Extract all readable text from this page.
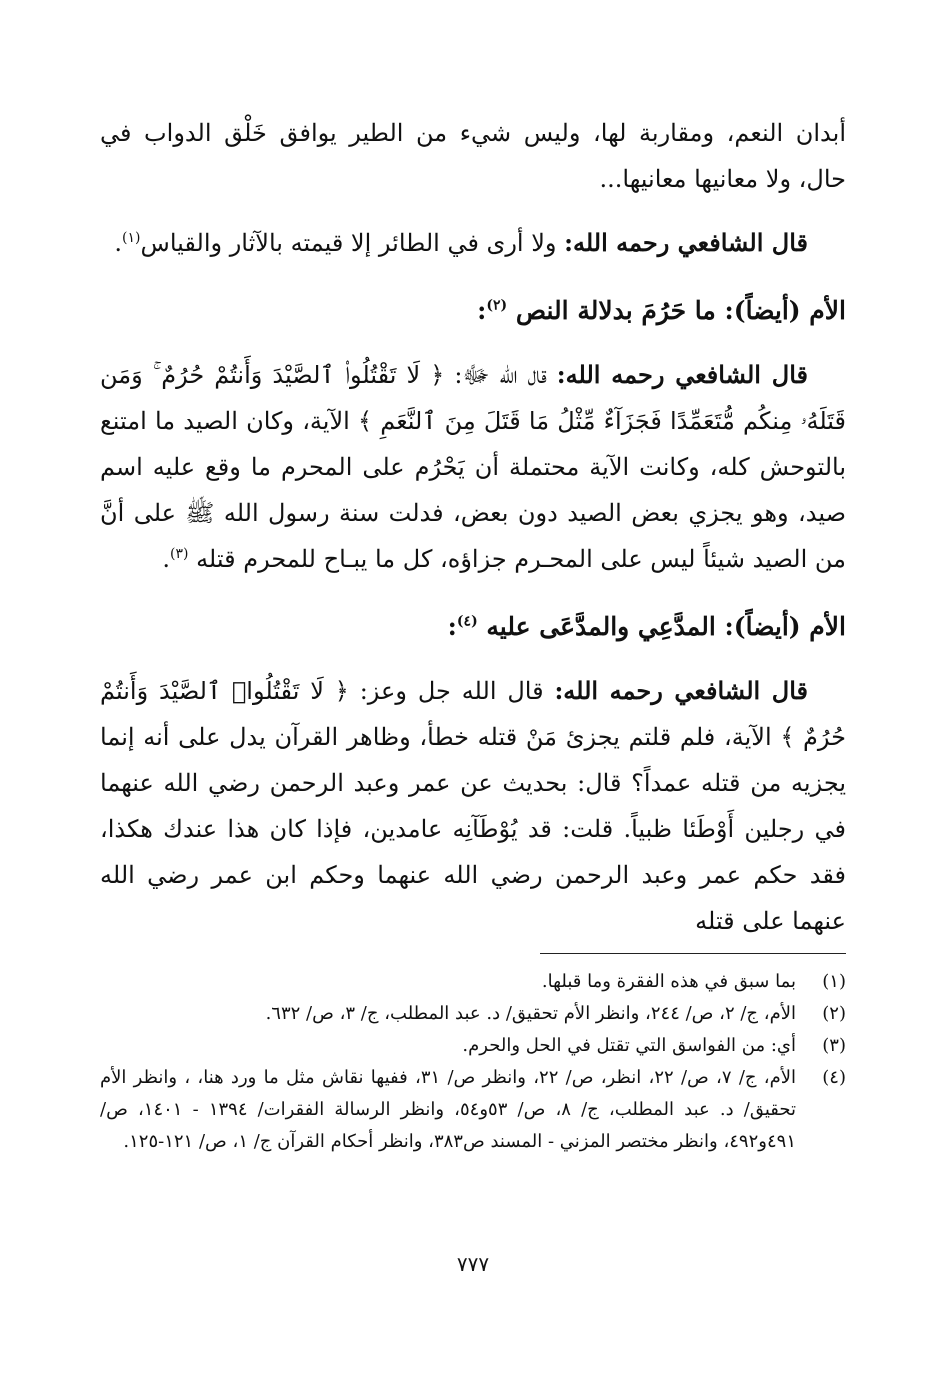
أبدان النعم، ومقاربة لها، وليس شيء من الطير يوافق خَلْق الدواب في حال، ولا معانيها معانيها...

قال الشافعي رحمه الله: ولا أرى في الطائر إلا قيمته بالآثار والقياس$^{(١)}$.

الأم (أيضاً): ما حَرُمَ بدلالة النص $^{(٢)}$:

قال الشافعي رحمه الله: قال الله ﷻ: ﴿ لَا تَقْتُلُوا۟ ٱلصَّيْدَ وَأَنتُمْ حُرُمٌ ۚ وَمَن قَتَلَهُۥ مِنكُم مُّتَعَمِّدًا فَجَزَآءٌ مِّثْلُ مَا قَتَلَ مِنَ ٱلنَّعَمِ ﴾ الآية، وكان الصيد ما امتنع بالتوحش كله، وكانت الآية محتملة أن يَحْرُم على المحرم ما وقع عليه اسم صيد، وهو يجزي بعض الصيد دون بعض، فدلت سنة رسول الله ﷺ على أنَّ من الصيد شيئاً ليس على المحـرم جزاؤه، كل ما يبـاح للمحرم قتله $^{(٣)}$.

الأم (أيضاً): المدَّعِي والمدَّعَى عليه $^{(٤)}$:

قال الشافعي رحمه الله: قال الله جل وعز: ﴿ لَا تَقْتُلُوا۟ ٱلصَّيْدَ وَأَنتُمْ حُرُمٌ ﴾ الآية، فلم قلتم يجزئ مَنْ قتله خطأ، وظاهر القرآن يدل على أنه إنما يجزيه من قتله عمداً؟ قال: بحديث عن عمر وعبد الرحمن رضي الله عنهما في رجلين أَوْطَئا ظبياً. قلت: قد يُوْطَآنِه عامدين، فإذا كان هذا عندك هكذا، فقد حكم عمر وعبد الرحمن رضي الله عنهما وحكم ابن عمر رضي الله عنهما على قتله

(١)
بما سبق في هذه الفقرة وما قبلها.
(٢)
الأم، ج/ ٢، ص/ ٢٤٤، وانظر الأم تحقيق/ د. عبد المطلب، ج/ ٣، ص/ ٦٣٢.
(٣)
أي: من الفواسق التي تقتل في الحل والحرم.
(٤)
الأم، ج/ ٧، ص/ ٢٢، انظر، ص/ ٢٢، وانظر ص/ ٣١، ففيها نقاش مثل ما ورد هنا، ، وانظر الأم تحقيق/ د. عبد المطلب، ج/ ٨، ص/ ٥٣و٥٤، وانظر الرسالة الفقرات/ ١٣٩٤ - ١٤٠١، ص/ ٤٩١و٤٩٢، وانظر مختصر المزني - المسند ص٣٨٣، وانظر أحكام القرآن ج/ ١، ص/ ١٢١-١٢٥.
٧٧٧
